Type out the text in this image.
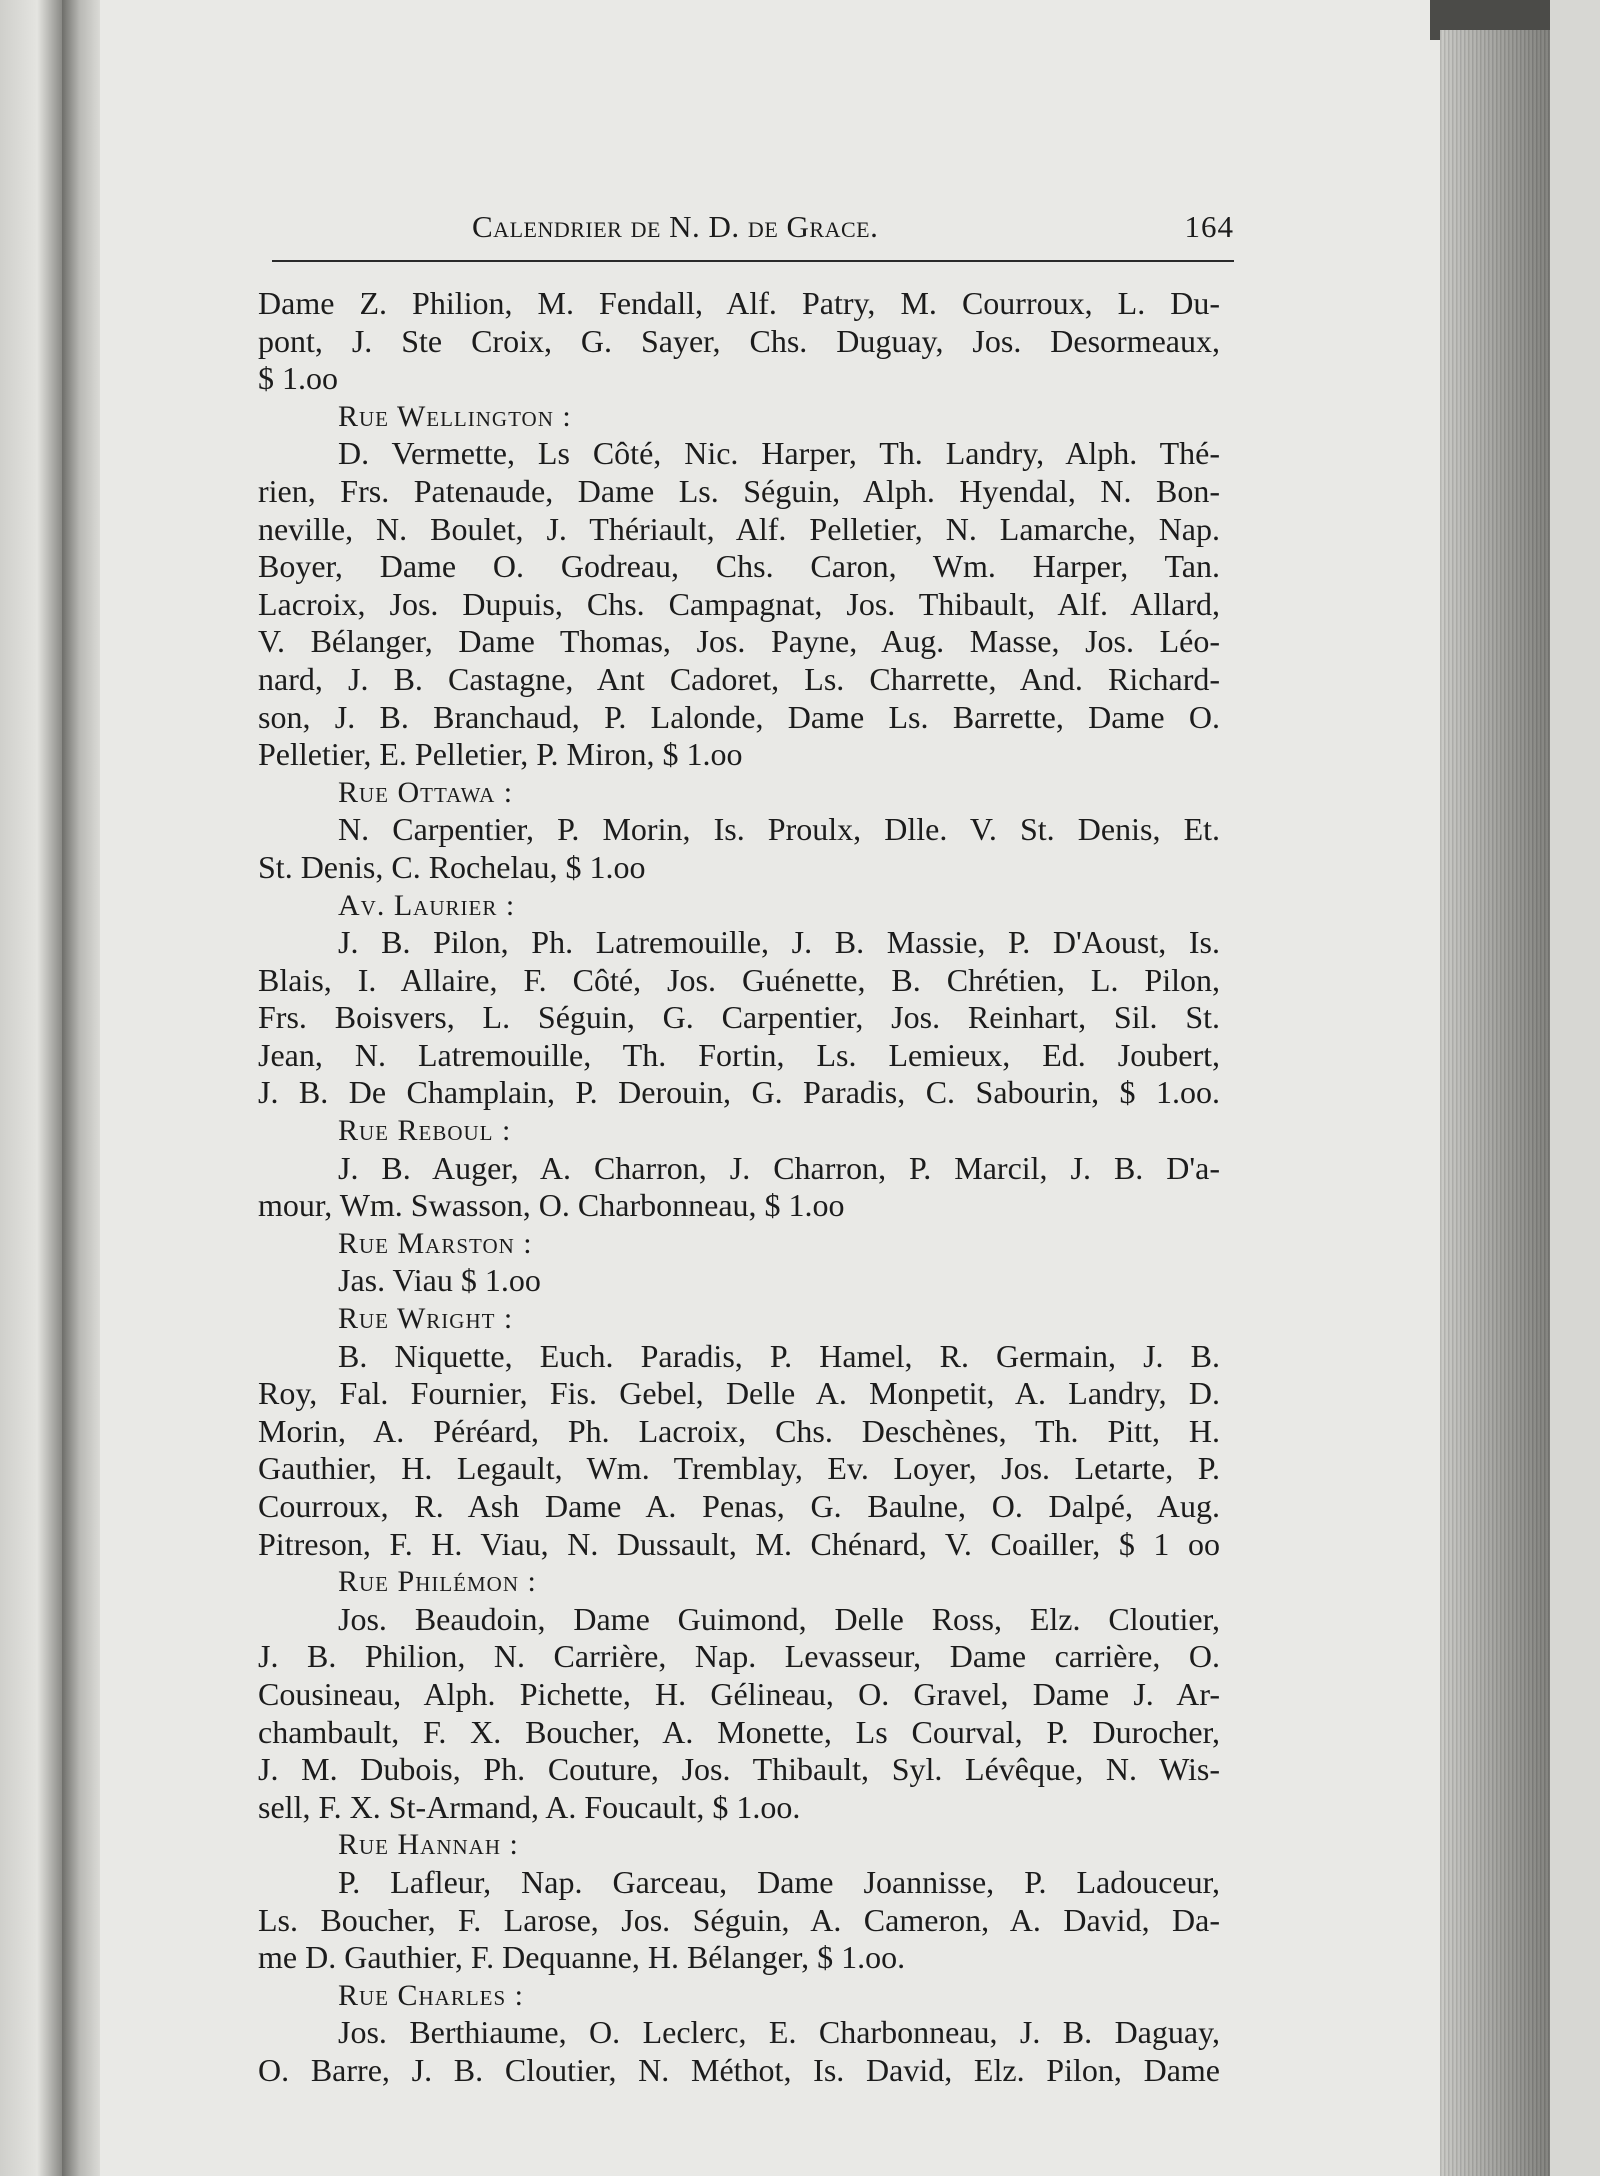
Calendrier de N. D. de Grace.	164
Dame Z. Philion, M. Fendall, Alf. Patry, M. Courroux, L. Du-
pont, J. Ste Croix, G. Sayer, Chs. Duguay, Jos. Desormeaux,
$ 1.oo
Rue Wellington :
D. Vermette, Ls Côté, Nic. Harper, Th. Landry, Alph. Thé-
rien, Frs. Patenaude, Dame Ls. Séguin, Alph. Hyendal, N. Bon-
neville, N. Boulet, J. Thériault, Alf. Pelletier, N. Lamarche, Nap.
Boyer, Dame O. Godreau, Chs. Caron, Wm. Harper, Tan.
Lacroix, Jos. Dupuis, Chs. Campagnat, Jos. Thibault, Alf. Allard,
V. Bélanger, Dame Thomas, Jos. Payne, Aug. Masse, Jos. Léo-
nard, J. B. Castagne, Ant Cadoret, Ls. Charrette, And. Richard-
son, J. B. Branchaud, P. Lalonde, Dame Ls. Barrette, Dame O.
Pelletier, E. Pelletier, P. Miron, $ 1.oo
Rue Ottawa :
N. Carpentier, P. Morin, Is. Proulx, Dlle. V. St. Denis, Et.
St. Denis, C. Rochelau, $ 1.oo
Av. Laurier :
J. B. Pilon, Ph. Latremouille, J. B. Massie, P. D'Aoust, Is.
Blais, I. Allaire, F. Côté, Jos. Guénette, B. Chrétien, L. Pilon,
Frs. Boisvers, L. Séguin, G. Carpentier, Jos. Reinhart, Sil. St.
Jean, N. Latremouille, Th. Fortin, Ls. Lemieux, Ed. Joubert,
J. B. De Champlain, P. Derouin, G. Paradis, C. Sabourin, $ 1.oo.
Rue Reboul :
J. B. Auger, A. Charron, J. Charron, P. Marcil, J. B. D'a-
mour, Wm. Swasson, O. Charbonneau, $ 1.oo
Rue Marston :
Jas. Viau $ 1.oo
Rue Wright :
B. Niquette, Euch. Paradis, P. Hamel, R. Germain, J. B.
Roy, Fal. Fournier, Fis. Gebel, Delle A. Monpetit, A. Landry, D.
Morin, A. Péréard, Ph. Lacroix, Chs. Deschènes, Th. Pitt, H.
Gauthier, H. Legault, Wm. Tremblay, Ev. Loyer, Jos. Letarte, P.
Courroux, R. Ash Dame A. Penas, G. Baulne, O. Dalpé, Aug.
Pitreson, F. H. Viau, N. Dussault, M. Chénard, V. Coailler, $ 1 oo
Rue Philémon :
Jos. Beaudoin, Dame Guimond, Delle Ross, Elz. Cloutier,
J. B. Philion, N. Carrière, Nap. Levasseur, Dame carrière, O.
Cousineau, Alph. Pichette, H. Gélineau, O. Gravel, Dame J. Ar-
chambault, F. X. Boucher, A. Monette, Ls Courval, P. Durocher,
J. M. Dubois, Ph. Couture, Jos. Thibault, Syl. Lévêque, N. Wis-
sell, F. X. St-Armand, A. Foucault, $ 1.oo.
Rue Hannah :
P. Lafleur, Nap. Garceau, Dame Joannisse, P. Ladouceur,
Ls. Boucher, F. Larose, Jos. Séguin, A. Cameron, A. David, Da-
me D. Gauthier, F. Dequanne, H. Bélanger, $ 1.oo.
Rue Charles :
Jos. Berthiaume, O. Leclerc, E. Charbonneau, J. B. Daguay,
O. Barre, J. B. Cloutier, N. Méthot, Is. David, Elz. Pilon, Dame
